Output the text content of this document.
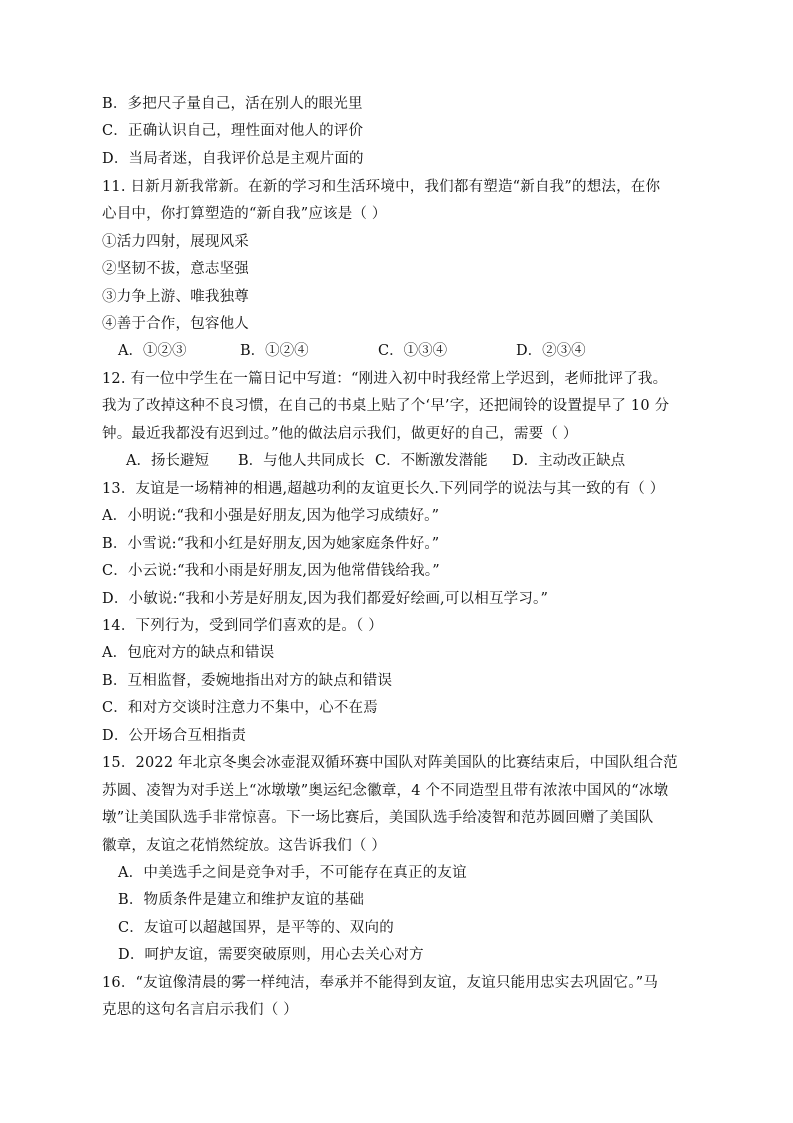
B．多把尺子量自己，活在别人的眼光里
C．正确认识自己，理性面对他人的评价
D．当局者迷，自我评价总是主观片面的
11. 日新月新我常新。在新的学习和生活环境中，我们都有塑造“新自我”的想法，在你
心目中，你打算塑造的“新自我”应该是（ ）
①活力四射，展现风采
②坚韧不拔，意志坚强
③力争上游、唯我独尊
④善于合作，包容他人
A．①②③	B．①②④	C．①③④	D．②③④
12. 有一位中学生在一篇日记中写道：“刚进入初中时我经常上学迟到，老师批评了我。
我为了改掉这种不良习惯，在自己的书桌上贴了个‘早’字，还把闹铃的设置提早了 10 分
钟。最近我都没有迟到过。”他的做法启示我们，做更好的自己，需要（ ）
A．扬长避短 B．与他人共同成长 C．不断激发潜能 D．主动改正缺点
13．友谊是一场精神的相遇,超越功利的友谊更长久.下列同学的说法与其一致的有（ ）
A．小明说:“我和小强是好朋友,因为他学习成绩好。”
B．小雪说:“我和小红是好朋友,因为她家庭条件好。”
C．小云说:“我和小雨是好朋友,因为他常借钱给我。”
D．小敏说:“我和小芳是好朋友,因为我们都爱好绘画,可以相互学习。”
14．下列行为，受到同学们喜欢的是。（ ）
A．包庇对方的缺点和错误
B．互相监督，委婉地指出对方的缺点和错误
C．和对方交谈时注意力不集中，心不在焉
D．公开场合互相指责
15．2022 年北京冬奥会冰壶混双循环赛中国队对阵美国队的比赛结束后，中国队组合范
苏圆、凌智为对手送上“冰墩墩”奥运纪念徽章，4 个不同造型且带有浓浓中国风的“冰墩
墩”让美国队选手非常惊喜。下一场比赛后，美国队选手给凌智和范苏圆回赠了美国队
徽章，友谊之花悄然绽放。这告诉我们（ ）
A．中美选手之间是竞争对手，不可能存在真正的友谊
B．物质条件是建立和维护友谊的基础
C．友谊可以超越国界，是平等的、双向的
D．呵护友谊，需要突破原则，用心去关心对方
16．“友谊像清晨的雾一样纯洁，奉承并不能得到友谊，友谊只能用忠实去巩固它。”马
克思的这句名言启示我们（ ）
